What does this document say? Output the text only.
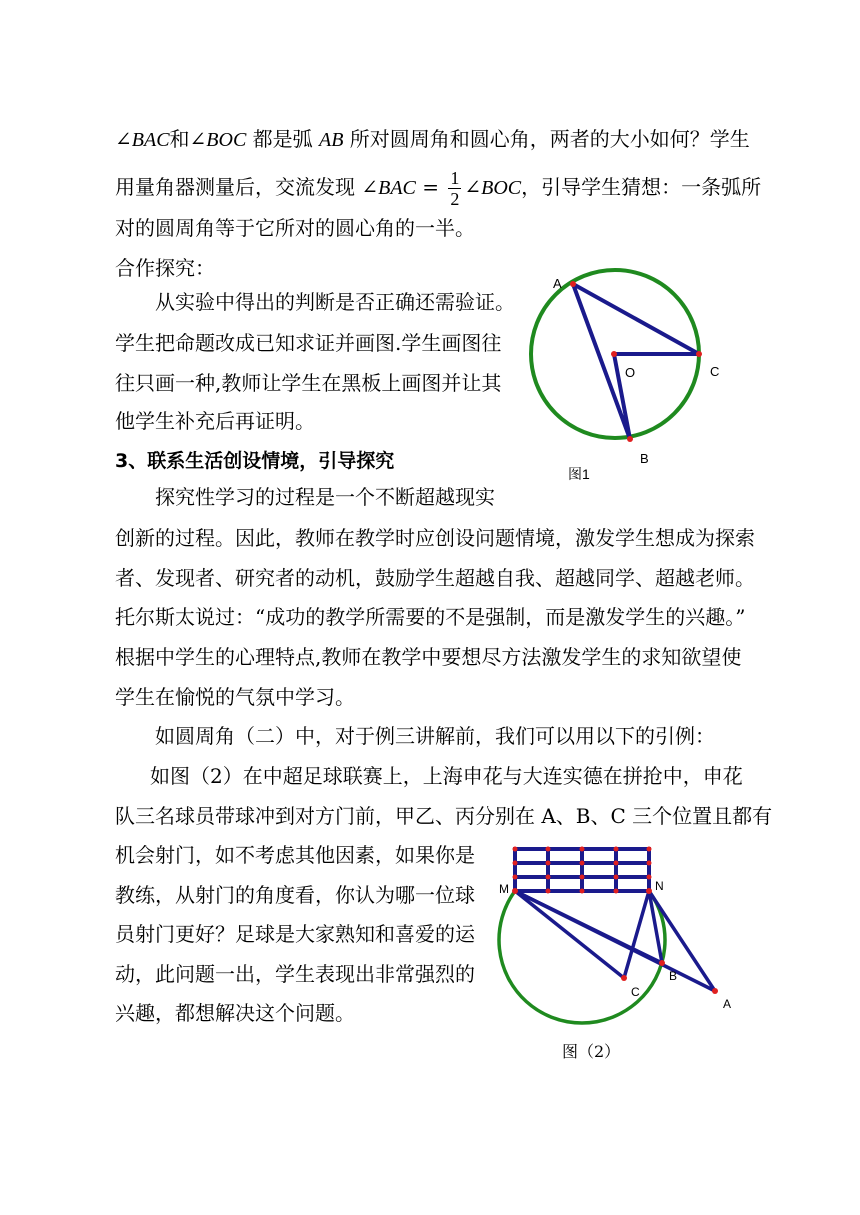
∠BAC和∠BOC 都是弧 AB 所对圆周角和圆心角，两者的大小如何？学生
用量角器测量后，交流发现 ∠BAC = $\frac{1}{2}$ ∠BOC，引导学生猜想：一条弧所
对的圆周角等于它所对的圆心角的一半。
合作探究：
从实验中得出的判断是否正确还需验证。
学生把命题改成已知求证并画图.学生画图往
往只画一种,教师让学生在黑板上画图并让其
他学生补充后再证明。
A
O	C
B
图1
3、联系生活创设情境，引导探究
探究性学习的过程是一个不断超越现实
创新的过程。因此，教师在教学时应创设问题情境，激发学生想成为探索
者、发现者、研究者的动机，鼓励学生超越自我、超越同学、超越老师。
托尔斯太说过：“成功的教学所需要的不是强制，而是激发学生的兴趣。”
根据中学生的心理特点,教师在教学中要想尽方法激发学生的求知欲望使
学生在愉悦的气氛中学习。
如圆周角（二）中，对于例三讲解前，我们可以用以下的引例：
如图（2）在中超足球联赛上，上海申花与大连实德在拼抢中，申花
队三名球员带球冲到对方门前，甲乙、丙分别在 A、B、C 三个位置且都有
机会射门，如不考虑其他因素，如果你是
教练，从射门的角度看，你认为哪一位球
员射门更好？足球是大家熟知和喜爱的运
动，此问题一出，学生表现出非常强烈的
兴趣，都想解决这个问题。
M	N
B
C
A
图（2）
